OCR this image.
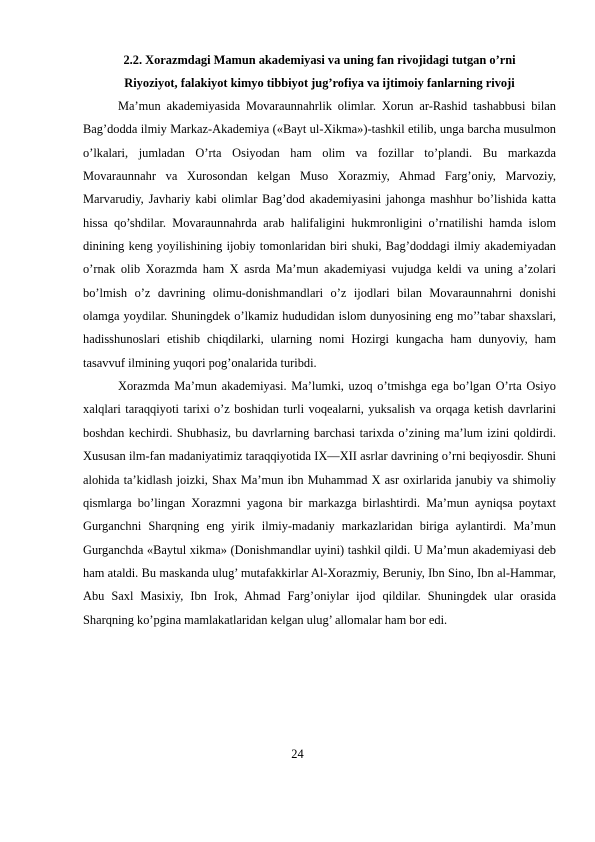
2.2. Xorazmdagi Mamun akademiyasi va uning fan rivojidagi tutgan o’rni

Riyoziyot, falakiyot kimyo tibbiyot jug’rofiya va ijtimoiy fanlarning rivoji

Ma’mun akademiyasida Movaraunnahrlik olimlar. Xorun ar-Rashid tashabbusi bilan Bag’dodda ilmiy Markaz-Akademiya («Bayt ul-Xikma»)-tashkil etilib, unga barcha musulmon o’lkalari, jumladan O’rta Osiyodan ham olim va fozillar to’plandi. Bu markazda Movaraunnahr va Xurosondan kelgan Muso Xorazmiy, Ahmad Farg’oniy, Marvoziy, Marvarudiy, Javhariy kabi olimlar Bag’dod akademiyasini jahonga mashhur bo’lishida katta hissa qo’shdilar. Movaraunnahrda arab halifaligini hukmronligini o’rnatilishi hamda islom dinining keng yoyilishining ijobiy tomonlaridan biri shuki, Bag’doddagi ilmiy akademiyadan o’rnak olib Xorazmda ham X asrda Ma’mun akademiyasi vujudga keldi va uning a’zolari bo’lmish o’z davrining olimu-donishmandlari o’z ijodlari bilan Movaraunnahrni donishi olamga yoydilar. Shuningdek o’lkamiz hududidan islom dunyosining eng mo’’tabar shaxslari, hadisshunoslari etishib chiqdilarki, ularning nomi Hozirgi kungacha ham dunyoviy, ham tasavvuf ilmining yuqori pog’onalarida turibdi.

Xorazmda Ma’mun akademiyasi. Ma’lumki, uzoq o’tmishga ega bo’lgan O’rta Osiyo xalqlari taraqqiyoti tarixi o’z boshidan turli voqealarni, yuksalish va orqaga ketish davrlarini boshdan kechirdi. Shubhasiz, bu davrlarning barchasi tarixda o’zining ma’lum izini qoldirdi. Xususan ilm-fan madaniyatimiz taraqqiyotida IX—XII asrlar davrining o’rni beqiyosdir. Shuni alohida ta’kidlash joizki, Shax Ma’mun ibn Muhammad X asr oxirlarida janubiy va shimoliy qismlarga bo’lingan Xorazmni yagona bir markazga birlashtirdi. Ma’mun ayniqsa poytaxt Gurganchni Sharqning eng yirik ilmiy-madaniy markazlaridan biriga aylantirdi. Ma’mun Gurganchda «Baytul xikma» (Donishmandlar uyini) tashkil qildi. U Ma’mun akademiyasi deb ham ataldi. Bu maskanda ulug’ mutafakkirlar Al-Xorazmiy, Beruniy, Ibn Sino, Ibn al-Hammar, Abu Saxl Masixiy, Ibn Irok, Ahmad Farg’oniylar ijod qildilar. Shuningdek ular orasida Sharqning ko’pgina mamlakatlaridan kelgan ulug’ allomalar ham bor edi.

24
